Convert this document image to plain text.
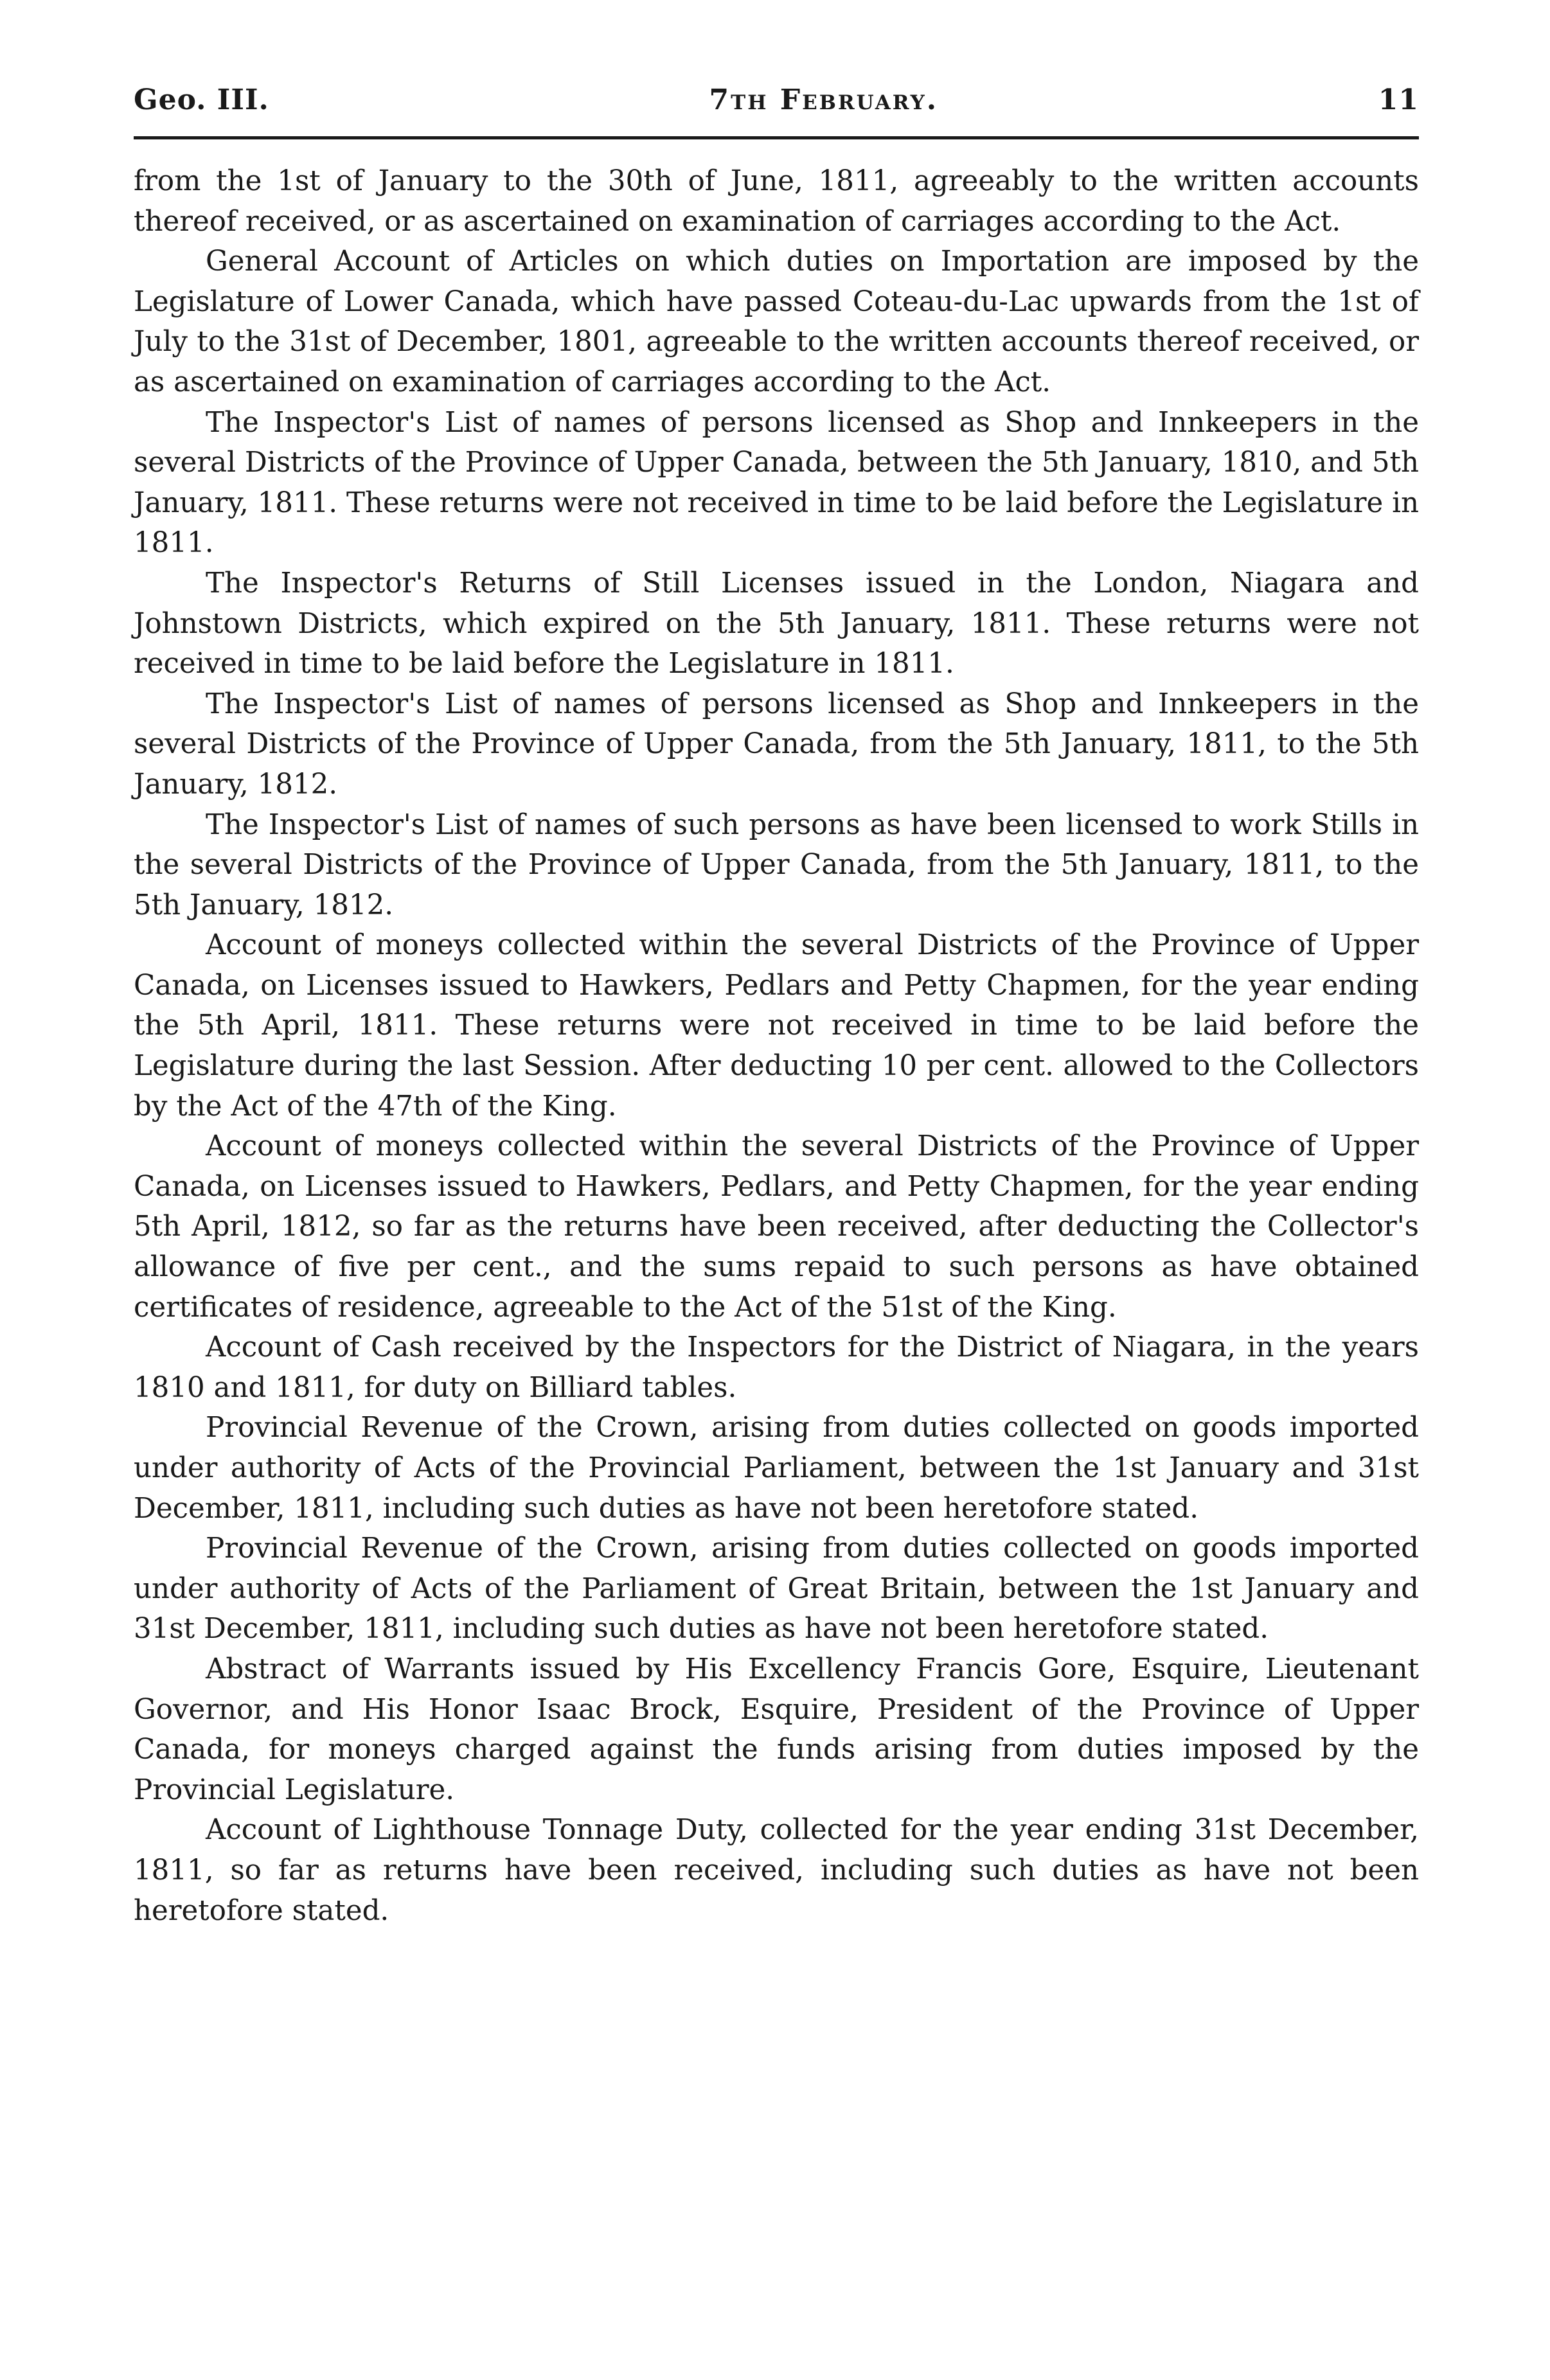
Geo. III.	7th February.	11

from the 1st of January to the 30th of June, 1811, agreeably to the written accounts thereof received, or as ascertained on examination of carriages according to the Act.

General Account of Articles on which duties on Importation are imposed by the Legislature of Lower Canada, which have passed Coteau-du-Lac upwards from the 1st of July to the 31st of December, 1801, agreeable to the written accounts thereof received, or as ascertained on examination of carriages according to the Act.

The Inspector's List of names of persons licensed as Shop and Innkeepers in the several Districts of the Province of Upper Canada, between the 5th January, 1810, and 5th January, 1811. These returns were not received in time to be laid before the Legislature in 1811.

The Inspector's Returns of Still Licenses issued in the London, Niagara and Johnstown Districts, which expired on the 5th January, 1811. These returns were not received in time to be laid before the Legislature in 1811.

The Inspector's List of names of persons licensed as Shop and Innkeepers in the several Districts of the Province of Upper Canada, from the 5th January, 1811, to the 5th January, 1812.

The Inspector's List of names of such persons as have been licensed to work Stills in the several Districts of the Province of Upper Canada, from the 5th January, 1811, to the 5th January, 1812.

Account of moneys collected within the several Districts of the Province of Upper Canada, on Licenses issued to Hawkers, Pedlars and Petty Chapmen, for the year ending the 5th April, 1811. These returns were not received in time to be laid before the Legislature during the last Session. After deducting 10 per cent. allowed to the Collectors by the Act of the 47th of the King.

Account of moneys collected within the several Districts of the Province of Upper Canada, on Licenses issued to Hawkers, Pedlars, and Petty Chapmen, for the year ending 5th April, 1812, so far as the returns have been received, after deducting the Collector's allowance of five per cent., and the sums repaid to such persons as have obtained certificates of residence, agreeable to the Act of the 51st of the King.

Account of Cash received by the Inspectors for the District of Niagara, in the years 1810 and 1811, for duty on Billiard tables.

Provincial Revenue of the Crown, arising from duties collected on goods imported under authority of Acts of the Provincial Parliament, between the 1st January and 31st December, 1811, including such duties as have not been heretofore stated.

Provincial Revenue of the Crown, arising from duties collected on goods imported under authority of Acts of the Parliament of Great Britain, between the 1st January and 31st December, 1811, including such duties as have not been heretofore stated.

Abstract of Warrants issued by His Excellency Francis Gore, Esquire, Lieutenant Governor, and His Honor Isaac Brock, Esquire, President of the Province of Upper Canada, for moneys charged against the funds arising from duties imposed by the Provincial Legislature.

Account of Lighthouse Tonnage Duty, collected for the year ending 31st December, 1811, so far as returns have been received, including such duties as have not been heretofore stated.
